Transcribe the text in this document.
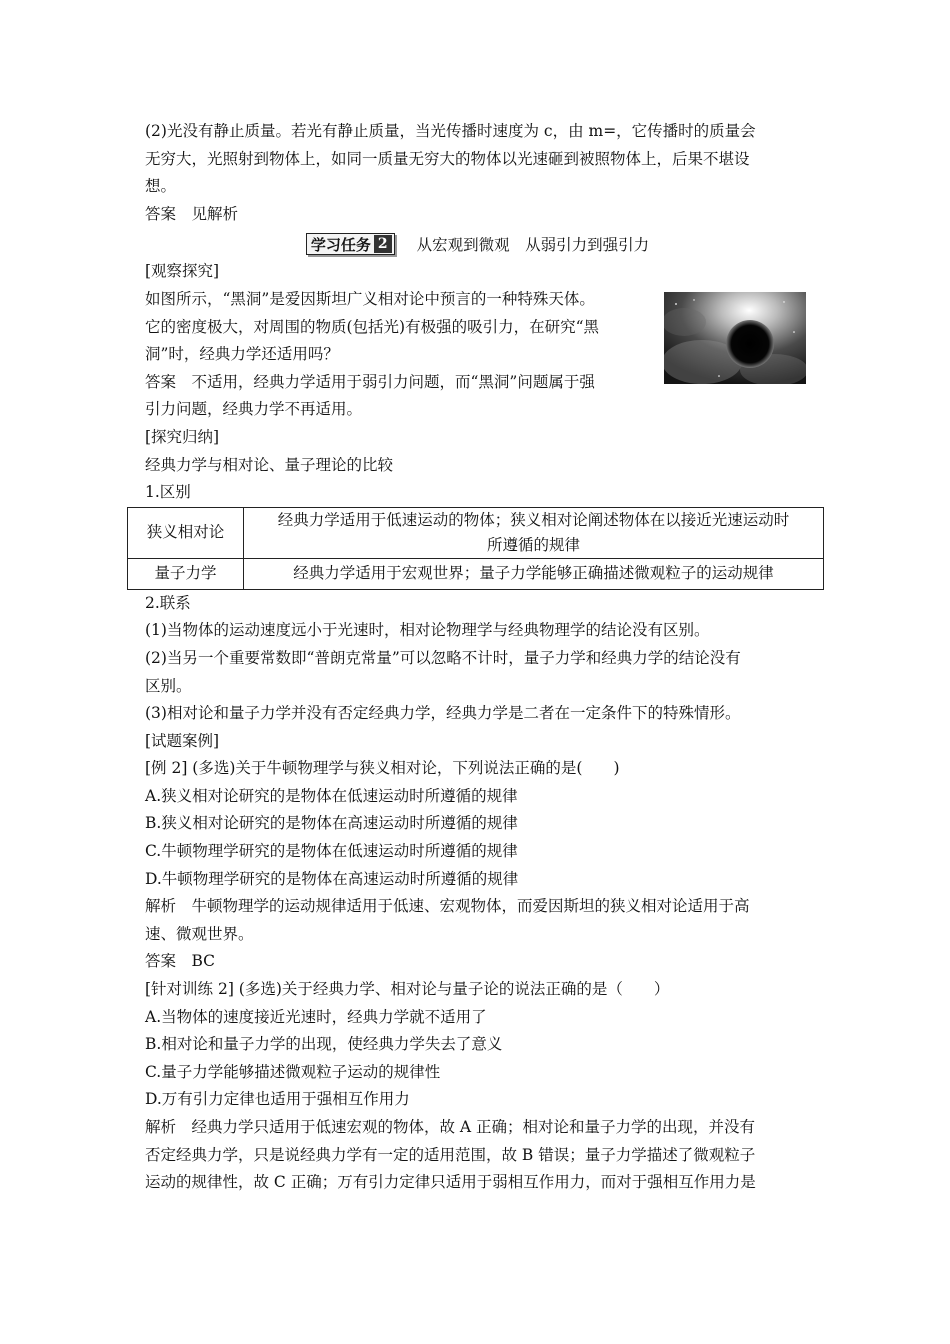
(2)光没有静止质量。若光有静止质量，当光传播时速度为 c，由 m=，它传播时的质量会
无穷大，光照射到物体上，如同一质量无穷大的物体以光速砸到被照物体上，后果不堪设
想。
答案　见解析
学习任务 2 从宏观到微观　从弱引力到强引力
[观察探究]
如图所示，“黑洞”是爱因斯坦广义相对论中预言的一种特殊天体。
它的密度极大，对周围的物质(包括光)有极强的吸引力，在研究“黑
洞”时，经典力学还适用吗？
答案　不适用，经典力学适用于弱引力问题，而“黑洞”问题属于强
引力问题，经典力学不再适用。
[探究归纳]
经典力学与相对论、量子理论的比较
1.区别
狭义相对论	经典力学适用于低速运动的物体；狭义相对论阐述物体在以接近光速运动时
所遵循的规律

量子力学	经典力学适用于宏观世界；量子力学能够正确描述微观粒子的运动规律
2.联系
(1)当物体的运动速度远小于光速时，相对论物理学与经典物理学的结论没有区别。
(2)当另一个重要常数即“普朗克常量”可以忽略不计时，量子力学和经典力学的结论没有
区别。
(3)相对论和量子力学并没有否定经典力学，经典力学是二者在一定条件下的特殊情形。
[试题案例]
[例 2] (多选)关于牛顿物理学与狭义相对论，下列说法正确的是(　　)
A.狭义相对论研究的是物体在低速运动时所遵循的规律
B.狭义相对论研究的是物体在高速运动时所遵循的规律
C.牛顿物理学研究的是物体在低速运动时所遵循的规律
D.牛顿物理学研究的是物体在高速运动时所遵循的规律
解析　牛顿物理学的运动规律适用于低速、宏观物体，而爱因斯坦的狭义相对论适用于高
速、微观世界。
答案　BC
[针对训练 2] (多选)关于经典力学、相对论与量子论的说法正确的是（　　）
A.当物体的速度接近光速时，经典力学就不适用了
B.相对论和量子力学的出现，使经典力学失去了意义
C.量子力学能够描述微观粒子运动的规律性
D.万有引力定律也适用于强相互作用力
解析　经典力学只适用于低速宏观的物体，故 A 正确；相对论和量子力学的出现，并没有
否定经典力学，只是说经典力学有一定的适用范围，故 B 错误；量子力学描述了微观粒子
运动的规律性，故 C 正确；万有引力定律只适用于弱相互作用力，而对于强相互作用力是
